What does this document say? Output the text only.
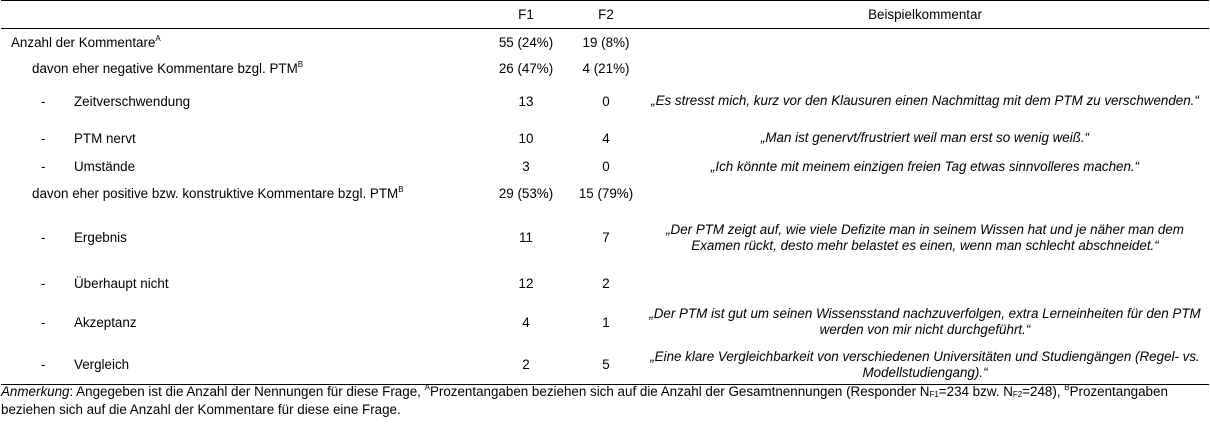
	F1	F2	Beispielkommentar
Anzahl der Kommentare$^A$	55 (24%)	19 (8%)	
davon eher negative Kommentare bzgl. $PTM^B$	26 (47%)	4 (21%)	
- Zeitverschwendung	13	0	„Es stresst mich, kurz vor den Klausuren einen Nachmittag mit dem PTM zu verschwenden.“
- PTM nervt	10	4	„Man ist genervt/frustriert weil man erst so wenig weiß.“
- Umstände	3	0	„Ich könnte mit meinem einzigen freien Tag etwas sinnvolleres machen.“
davon eher positive bzw. konstruktive Kommentare bzgl. $PTM^B$	29 (53%)	15 (79%)	
- Ergebnis	11	7	„Der PTM zeigt auf, wie viele Defizite man in seinem Wissen hat und je näher man dem Examen rückt, desto mehr belastet es einen, wenn man schlecht abschneidet.“
- Überhaupt nicht	12	2	
- Akzeptanz	4	1	„Der PTM ist gut um seinen Wissensstand nachzuverfolgen, extra Lerneinheiten für den PTM werden von mir nicht durchgeführt.“
- Vergleich	2	5	„Eine klare Vergleichbarkeit von verschiedenen Universitäten und Studiengängen (Regel- vs. Modellstudiengang).“
Anmerkung: Angegeben ist die Anzahl der Nennungen für diese Frage, $^A$Prozentangaben beziehen sich auf die Anzahl der Gesamtnennungen (Responder NF1=234 bzw. NF2=248), $^B$Prozentangaben beziehen sich auf die Anzahl der Kommentare für diese eine Frage.
